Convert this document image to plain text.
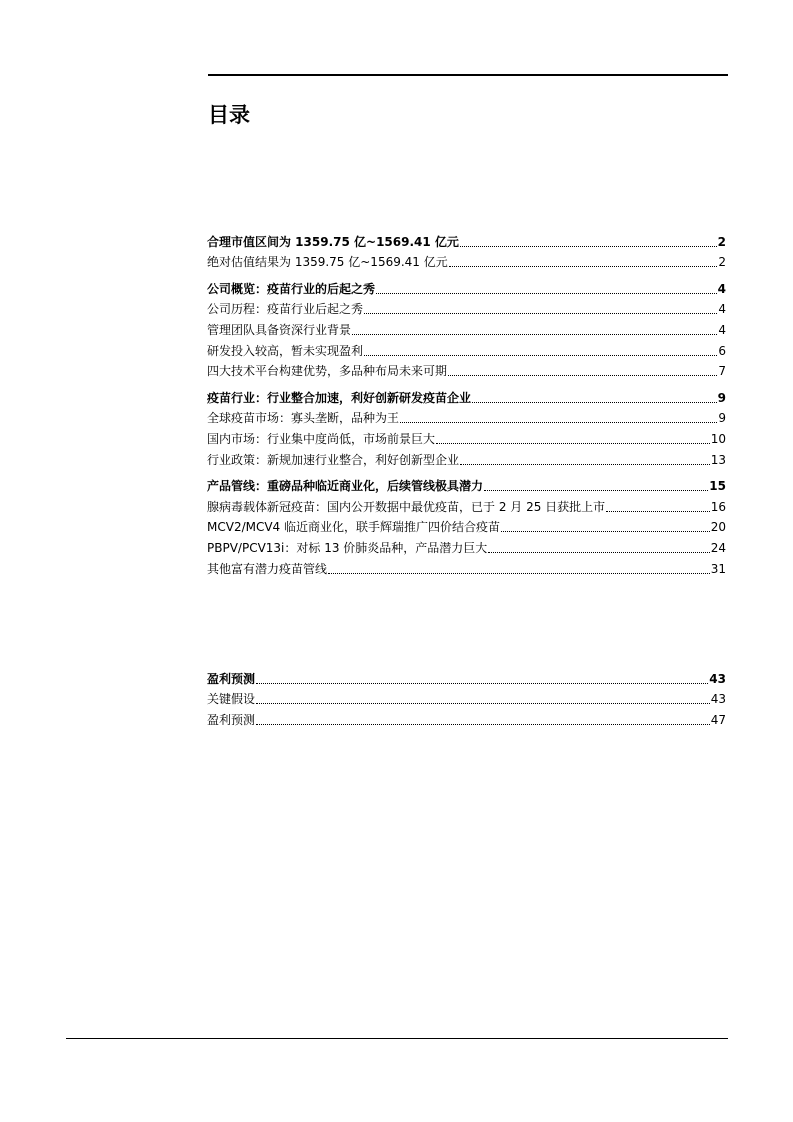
目录
合理市值区间为 1359.75 亿~1569.41 亿元	2
绝对估值结果为 1359.75 亿~1569.41 亿元	2
公司概览：疫苗行业的后起之秀	4
公司历程：疫苗行业后起之秀	4
管理团队具备资深行业背景	4
研发投入较高，暂未实现盈利	6
四大技术平台构建优势，多品种布局未来可期	7
疫苗行业：行业整合加速，利好创新研发疫苗企业	9
全球疫苗市场：寡头垄断，品种为王	9
国内市场：行业集中度尚低，市场前景巨大	10
行业政策：新规加速行业整合，利好创新型企业	13
产品管线：重磅品种临近商业化，后续管线极具潜力	15
腺病毒载体新冠疫苗：国内公开数据中最优疫苗，已于 2 月 25 日获批上市	16
MCV2/MCV4 临近商业化，联手辉瑞推广四价结合疫苗	20
PBPV/PCV13i：对标 13 价肺炎品种，产品潜力巨大	24
其他富有潜力疫苗管线	31
盈利预测	43
关键假设	43
盈利预测	47
